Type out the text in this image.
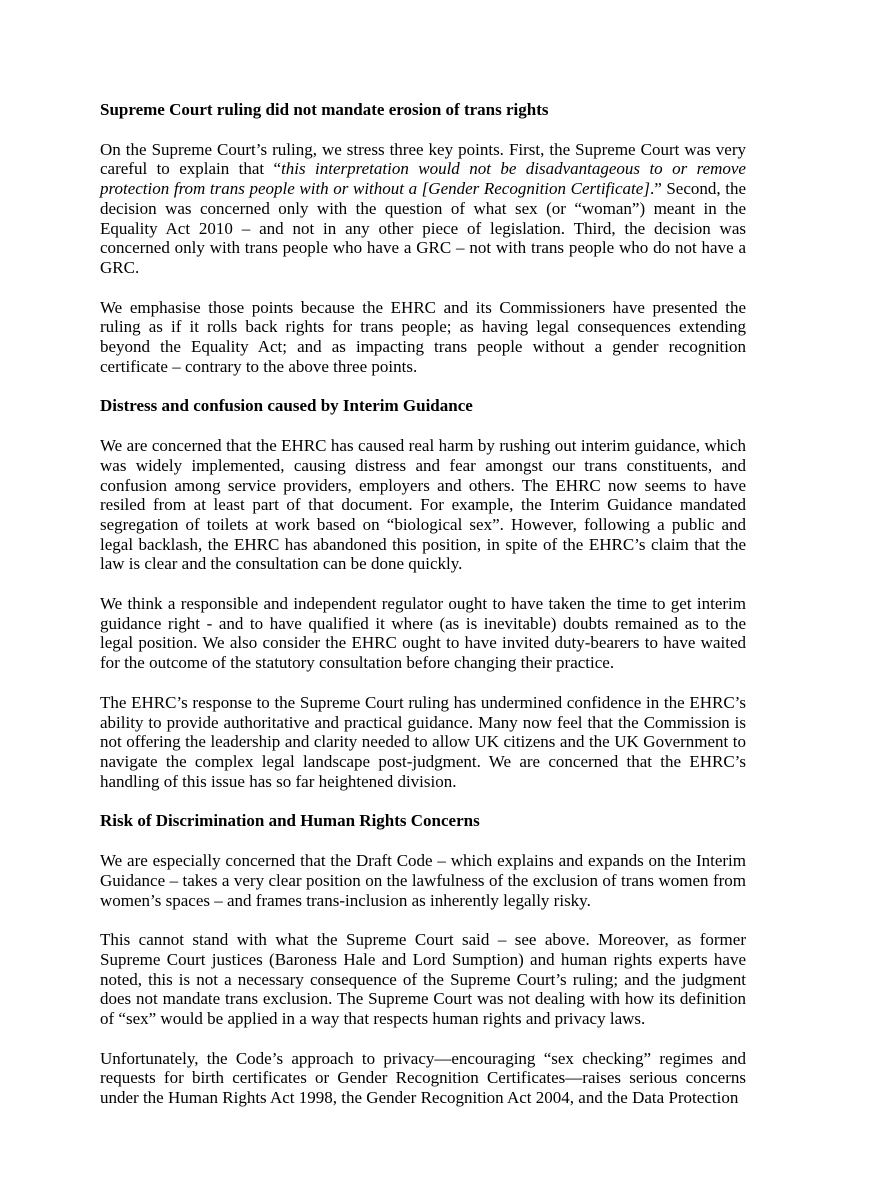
Supreme Court ruling did not mandate erosion of trans rights

On the Supreme Court’s ruling, we stress three key points. First, the Supreme Court was very careful to explain that “this interpretation would not be disadvantageous to or remove protection from trans people with or without a [Gender Recognition Certificate].” Second, the decision was concerned only with the question of what sex (or “woman”) meant in the Equality Act 2010 – and not in any other piece of legislation. Third, the decision was concerned only with trans people who have a GRC – not with trans people who do not have a GRC.

We emphasise those points because the EHRC and its Commissioners have presented the ruling as if it rolls back rights for trans people; as having legal consequences extending beyond the Equality Act; and as impacting trans people without a gender recognition certificate – contrary to the above three points.

Distress and confusion caused by Interim Guidance

We are concerned that the EHRC has caused real harm by rushing out interim guidance, which was widely implemented, causing distress and fear amongst our trans constituents, and confusion among service providers, employers and others. The EHRC now seems to have resiled from at least part of that document. For example, the Interim Guidance mandated segregation of toilets at work based on “biological sex”. However, following a public and legal backlash, the EHRC has abandoned this position, in spite of the EHRC’s claim that the law is clear and the consultation can be done quickly.

We think a responsible and independent regulator ought to have taken the time to get interim guidance right - and to have qualified it where (as is inevitable) doubts remained as to the legal position. We also consider the EHRC ought to have invited duty-bearers to have waited for the outcome of the statutory consultation before changing their practice.

The EHRC’s response to the Supreme Court ruling has undermined confidence in the EHRC’s ability to provide authoritative and practical guidance. Many now feel that the Commission is not offering the leadership and clarity needed to allow UK citizens and the UK Government to navigate the complex legal landscape post-judgment. We are concerned that the EHRC’s handling of this issue has so far heightened division.

Risk of Discrimination and Human Rights Concerns

We are especially concerned that the Draft Code – which explains and expands on the Interim Guidance – takes a very clear position on the lawfulness of the exclusion of trans women from women’s spaces – and frames trans-inclusion as inherently legally risky.

This cannot stand with what the Supreme Court said – see above. Moreover, as former Supreme Court justices (Baroness Hale and Lord Sumption) and human rights experts have noted, this is not a necessary consequence of the Supreme Court’s ruling; and the judgment does not mandate trans exclusion. The Supreme Court was not dealing with how its definition of “sex” would be applied in a way that respects human rights and privacy laws.

Unfortunately, the Code’s approach to privacy—encouraging “sex checking” regimes and requests for birth certificates or Gender Recognition Certificates—raises serious concerns under the Human Rights Act 1998, the Gender Recognition Act 2004, and the Data Protection
